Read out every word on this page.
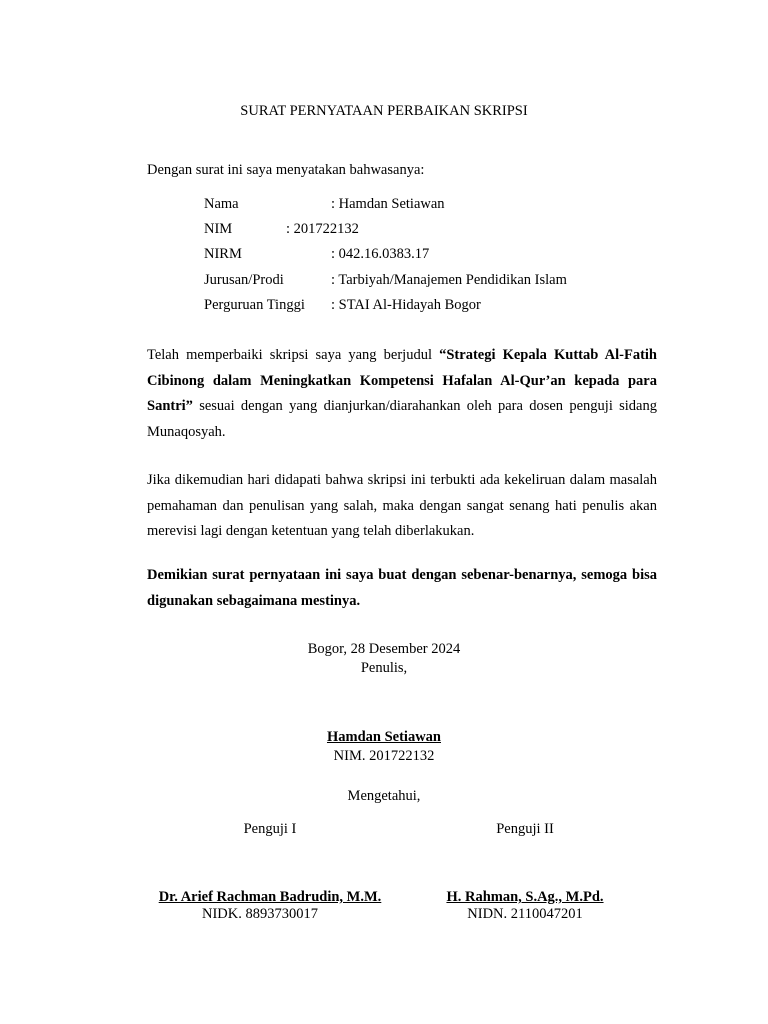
SURAT PERNYATAAN PERBAIKAN SKRIPSI
Dengan surat ini saya menyatakan bahwasanya:
Nama	: Hamdan Setiawan
NIM	: 201722132
NIRM	: 042.16.0383.17
Jurusan/Prodi	: Tarbiyah/Manajemen Pendidikan Islam
Perguruan Tinggi : STAI Al-Hidayah Bogor
Telah memperbaiki skripsi saya yang berjudul “Strategi Kepala Kuttab Al-Fatih Cibinong dalam Meningkatkan Kompetensi Hafalan Al-Qur’an kepada para Santri” sesuai dengan yang dianjurkan/diarahankan oleh para dosen penguji sidang Munaqosyah.
Jika dikemudian hari didapati bahwa skripsi ini terbukti ada kekeliruan dalam masalah pemahaman dan penulisan yang salah, maka dengan sangat senang hati penulis akan merevisi lagi dengan ketentuan yang telah diberlakukan.
Demikian surat pernyataan ini saya buat dengan sebenar-benarnya, semoga bisa digunakan sebagaimana mestinya.
Bogor, 28 Desember 2024
Penulis,
Hamdan Setiawan
NIM. 201722132
Mengetahui,
Penguji I	Penguji II
Dr. Arief Rachman Badrudin, M.M.
NIDK. 8893730017
H. Rahman, S.Ag., M.Pd.
NIDN. 2110047201
